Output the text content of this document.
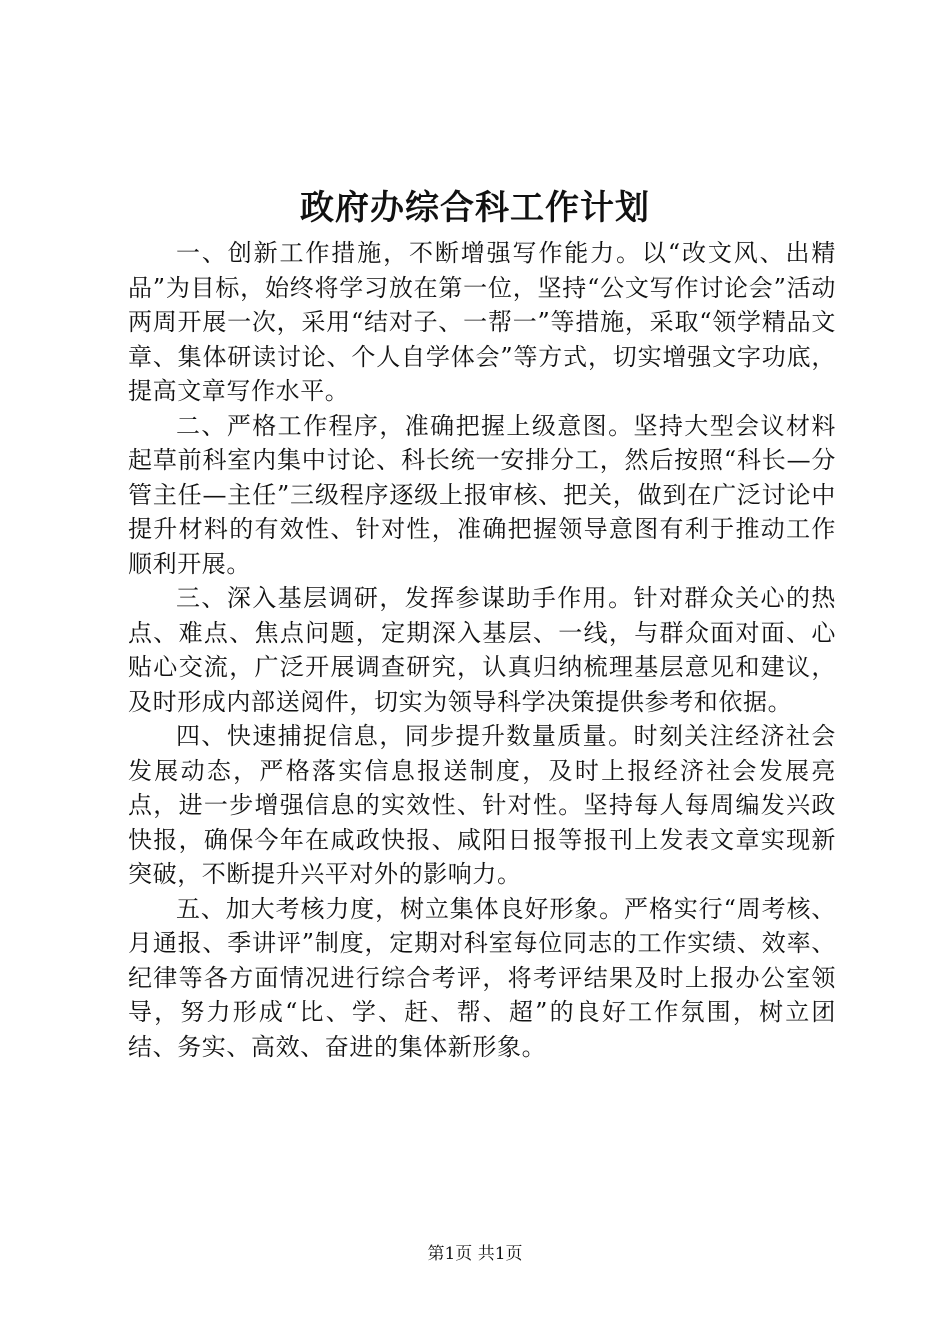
政府办综合科工作计划

一、创新工作措施，不断增强写作能力。以“改文风、出精品”为目标，始终将学习放在第一位，坚持“公文写作讨论会”活动两周开展一次，采用“结对子、一帮一”等措施，采取“领学精品文章、集体研读讨论、个人自学体会”等方式，切实增强文字功底，提高文章写作水平。

二、严格工作程序，准确把握上级意图。坚持大型会议材料起草前科室内集中讨论、科长统一安排分工，然后按照“科长—分管主任—主任”三级程序逐级上报审核、把关，做到在广泛讨论中提升材料的有效性、针对性，准确把握领导意图有利于推动工作顺利开展。

三、深入基层调研，发挥参谋助手作用。针对群众关心的热点、难点、焦点问题，定期深入基层、一线，与群众面对面、心贴心交流，广泛开展调查研究，认真归纳梳理基层意见和建议，及时形成内部送阅件，切实为领导科学决策提供参考和依据。

四、快速捕捉信息，同步提升数量质量。时刻关注经济社会发展动态，严格落实信息报送制度，及时上报经济社会发展亮点，进一步增强信息的实效性、针对性。坚持每人每周编发兴政快报，确保今年在咸政快报、咸阳日报等报刊上发表文章实现新突破，不断提升兴平对外的影响力。

五、加大考核力度，树立集体良好形象。严格实行“周考核、月通报、季讲评”制度，定期对科室每位同志的工作实绩、效率、纪律等各方面情况进行综合考评，将考评结果及时上报办公室领导，努力形成“比、学、赶、帮、超”的良好工作氛围，树立团结、务实、高效、奋进的集体新形象。

第1页 共1页
